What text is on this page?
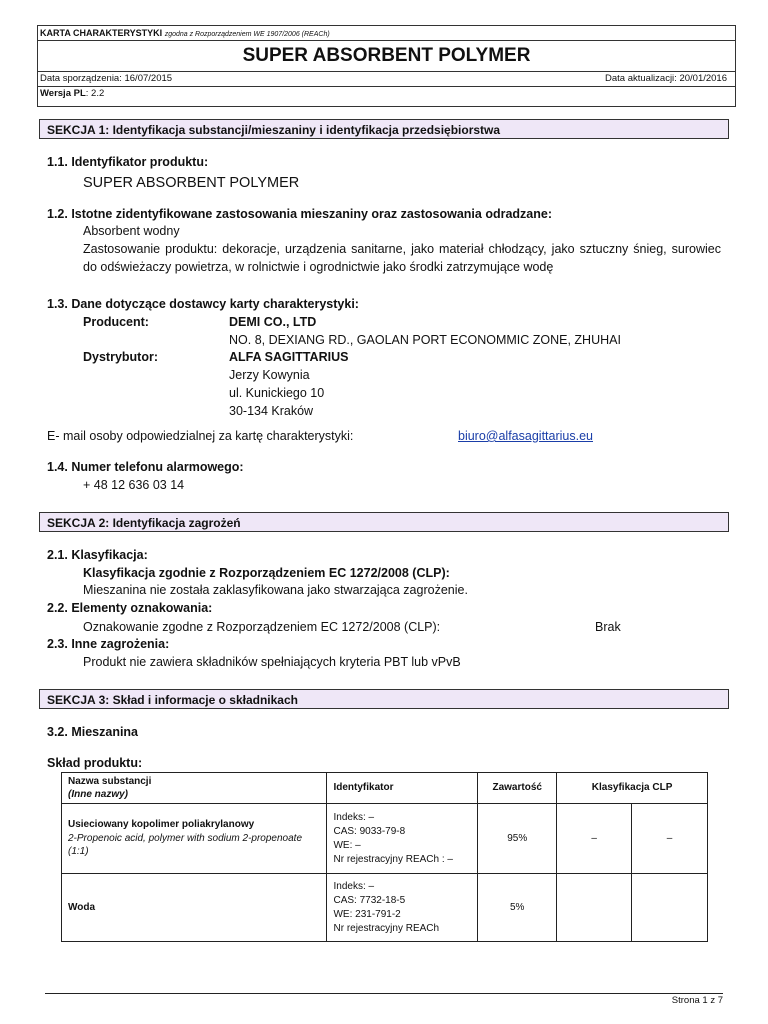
KARTA CHARAKTERYSTYKI zgodna z Rozporządzeniem WE 1907/2006 (REACh)
SUPER ABSORBENT POLYMER
Data sporządzenia: 16/07/2015	Data aktualizacji: 20/01/2016
Wersja PL: 2.2
SEKCJA 1: Identyfikacja substancji/mieszaniny i identyfikacja przedsiębiorstwa
1.1. Identyfikator produktu:
SUPER ABSORBENT POLYMER
1.2. Istotne zidentyfikowane zastosowania mieszaniny oraz zastosowania odradzane:
Absorbent wodny
Zastosowanie produktu: dekoracje, urządzenia sanitarne, jako materiał chłodzący, jako sztuczny śnieg, surowiec do odświeżaczy powietrza, w rolnictwie i ogrodnictwie jako środki zatrzymujące wodę
1.3. Dane dotyczące dostawcy karty charakterystyki:
Producent:	DEMI CO., LTD
NO. 8, DEXIANG RD., GAOLAN PORT ECONOMMIC ZONE, ZHUHAI
Dystrybutor:	ALFA SAGITTARIUS
Jerzy Kowynia
ul. Kunickiego 10
30-134 Kraków
E- mail osoby odpowiedzialnej za kartę charakterystyki:	biuro@alfasagittarius.eu
1.4. Numer telefonu alarmowego:
+ 48 12 636 03 14
SEKCJA 2: Identyfikacja zagrożeń
2.1. Klasyfikacja:
Klasyfikacja zgodnie z Rozporządzeniem EC 1272/2008 (CLP):
Mieszanina nie została zaklasyfikowana jako stwarzająca zagrożenie.
2.2. Elementy oznakowania:
Oznakowanie zgodne z Rozporządzeniem EC 1272/2008 (CLP):	Brak
2.3. Inne zagrożenia:
Produkt nie zawiera składników spełniających kryteria PBT lub vPvB
SEKCJA 3: Skład i informacje o składnikach
3.2. Mieszanina
Skład produktu:
Nazwa substancji
(Inne nazwy)	Identyfikator	Zawartość	Klasyfikacja CLP	
Usieciowany kopolimer poliakrylanowy
2-Propenoic acid, polymer with sodium 2-propenoate (1:1)	Indeks: –
CAS: 9033-79-8
WE: –
Nr rejestracyjny REACh : –	95%	–	–
Woda	Indeks: –
CAS: 7732-18-5
WE: 231-791-2
Nr rejestracyjny REACh	5%		
Strona 1 z 7
